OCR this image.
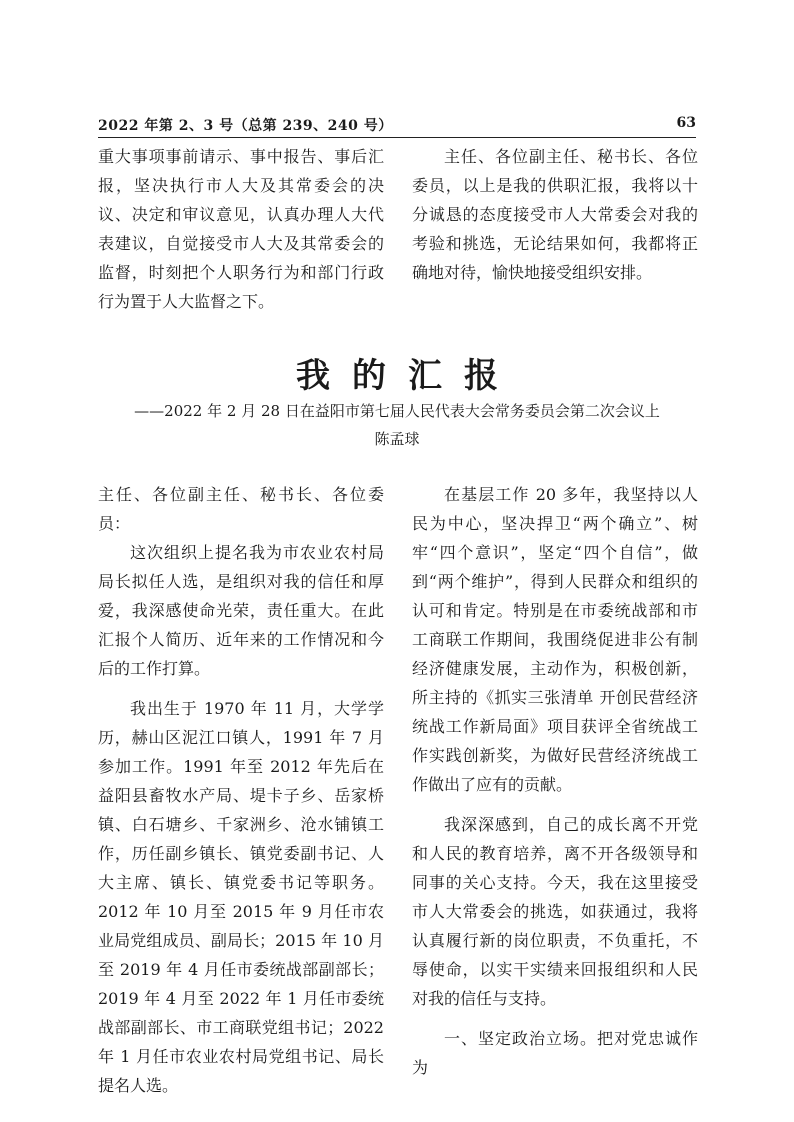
2022 年第 2、3 号（总第 239、240 号）	63

重大事项事前请示、事中报告、事后汇报，坚决执行市人大及其常委会的决议、决定和审议意见，认真办理人大代表建议，自觉接受市人大及其常委会的监督，时刻把个人职务行为和部门行政行为置于人大监督之下。

主任、各位副主任、秘书长、各位委员，以上是我的供职汇报，我将以十分诚恳的态度接受市人大常委会对我的考验和挑选，无论结果如何，我都将正确地对待，愉快地接受组织安排。

我的汇报
——2022 年 2 月 28 日在益阳市第七届人民代表大会常务委员会第二次会议上
陈孟球

主任、各位副主任、秘书长、各位委员：

这次组织上提名我为市农业农村局局长拟任人选，是组织对我的信任和厚爱，我深感使命光荣，责任重大。在此汇报个人简历、近年来的工作情况和今后的工作打算。

我出生于 1970 年 11 月，大学学历，赫山区泥江口镇人，1991 年 7 月参加工作。1991 年至 2012 年先后在益阳县畜牧水产局、堤卡子乡、岳家桥镇、白石塘乡、千家洲乡、沧水铺镇工作，历任副乡镇长、镇党委副书记、人大主席、镇长、镇党委书记等职务。2012 年 10 月至 2015 年 9 月任市农业局党组成员、副局长；2015 年 10 月至 2019 年 4 月任市委统战部副部长；2019 年 4 月至 2022 年 1 月任市委统战部副部长、市工商联党组书记；2022 年 1 月任市农业农村局党组书记、局长提名人选。

在基层工作 20 多年，我坚持以人民为中心，坚决捍卫“两个确立”、树牢“四个意识”，坚定“四个自信”，做到“两个维护”，得到人民群众和组织的认可和肯定。特别是在市委统战部和市工商联工作期间，我围绕促进非公有制经济健康发展，主动作为，积极创新，所主持的《抓实三张清单 开创民营经济统战工作新局面》项目获评全省统战工作实践创新奖，为做好民营经济统战工作做出了应有的贡献。

我深深感到，自己的成长离不开党和人民的教育培养，离不开各级领导和同事的关心支持。今天，我在这里接受市人大常委会的挑选，如获通过，我将认真履行新的岗位职责，不负重托，不辱使命，以实干实绩来回报组织和人民对我的信任与支持。

一、坚定政治立场。把对党忠诚作为
